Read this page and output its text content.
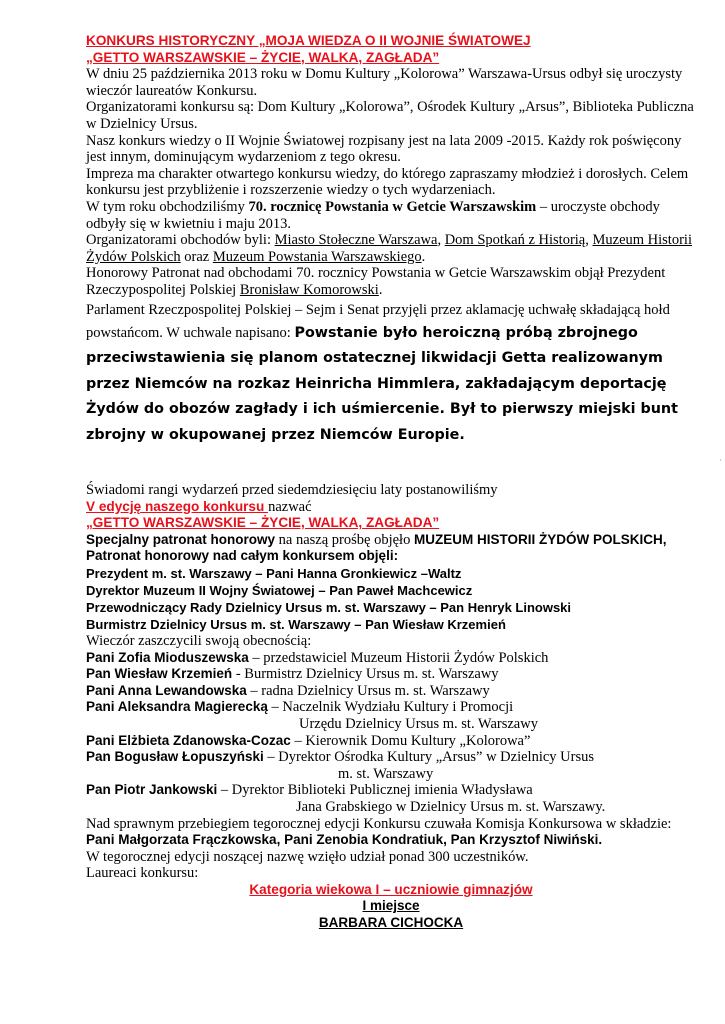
KONKURS HISTORYCZNY „MOJA WIEDZA O II WOJNIE ŚWIATOWEJ

„GETTO WARSZAWSKIE – ŻYCIE, WALKA, ZAGŁADA”

W dniu 25 października 2013 roku w Domu Kultury „Kolorowa” Warszawa-Ursus odbył się uroczysty wieczór laureatów Konkursu.

Organizatorami konkursu są: Dom Kultury „Kolorowa”, Ośrodek Kultury „Arsus”, Biblioteka Publiczna w Dzielnicy Ursus.

Nasz konkurs wiedzy o II Wojnie Światowej rozpisany jest na lata 2009 -2015. Każdy rok poświęcony jest innym, dominującym wydarzeniom z tego okresu.

Impreza ma charakter otwartego konkursu wiedzy, do którego zapraszamy młodzież i dorosłych. Celem konkursu jest przybliżenie i rozszerzenie wiedzy o tych wydarzeniach.

W tym roku obchodziliśmy 70. rocznicę Powstania w Getcie Warszawskim – uroczyste obchody odbyły się w kwietniu i maju 2013.

Organizatorami obchodów byli: Miasto Stołeczne Warszawa, Dom Spotkań z Historią, Muzeum Historii Żydów Polskich oraz Muzeum Powstania Warszawskiego.

Honorowy Patronat nad obchodami 70. rocznicy Powstania w Getcie Warszawskim objął Prezydent Rzeczypospolitej Polskiej Bronisław Komorowski.

Parlament Rzeczpospolitej Polskiej – Sejm i Senat przyjęli przez aklamację uchwałę składającą hołd powstańcom. W uchwale napisano: Powstanie było heroiczną próbą zbrojnego przeciwstawienia się planom ostatecznej likwidacji Getta realizowanym przez Niemców na rozkaz Heinricha Himmlera, zakładającym deportację Żydów do obozów zagłady i ich uśmiercenie. Był to pierwszy miejski bunt zbrojny w okupowanej przez Niemców Europie.

Świadomi rangi wydarzeń przed siedemdziesięciu laty postanowiliśmy

V edycję naszego konkursu nazwać

„GETTO WARSZAWSKIE – ŻYCIE, WALKA, ZAGŁADA”

Specjalny patronat honorowy na naszą prośbę objęło MUZEUM HISTORII ŻYDÓW POLSKICH,

Patronat honorowy nad całym konkursem objęli:

Prezydent m. st. Warszawy – Pani Hanna Gronkiewicz –Waltz

Dyrektor Muzeum II Wojny Światowej – Pan Paweł Machcewicz

Przewodniczący Rady Dzielnicy Ursus m. st. Warszawy – Pan Henryk Linowski

Burmistrz Dzielnicy Ursus m. st. Warszawy – Pan Wiesław Krzemień

Wieczór zaszczycili swoją obecnością:

Pani Zofia Mioduszewska – przedstawiciel Muzeum Historii Żydów Polskich

Pan Wiesław Krzemień - Burmistrz Dzielnicy Ursus m. st. Warszawy

Pani Anna Lewandowska – radna Dzielnicy Ursus m. st. Warszawy

Pani Aleksandra Magierecką – Naczelnik Wydziału Kultury i Promocji

Urzędu Dzielnicy Ursus m. st. Warszawy

Pani Elżbieta Zdanowska-Cozac – Kierownik Domu Kultury „Kolorowa”

Pan Bogusław Łopuszyński – Dyrektor Ośrodka Kultury „Arsus” w Dzielnicy Ursus

m. st. Warszawy

Pan Piotr Jankowski – Dyrektor Biblioteki Publicznej imienia Władysława

Jana Grabskiego w Dzielnicy Ursus m. st. Warszawy.

Nad sprawnym przebiegiem tegorocznej edycji Konkursu czuwała Komisja Konkursowa w składzie: Pani Małgorzata Frączkowska, Pani Zenobia Kondratiuk, Pan Krzysztof Niwiński.

W tegorocznej edycji noszącej nazwę wzięło udział ponad 300 uczestników.

Laureaci konkursu:

Kategoria wiekowa I – uczniowie gimnazjów

I miejsce

BARBARA CICHOCKA

'
